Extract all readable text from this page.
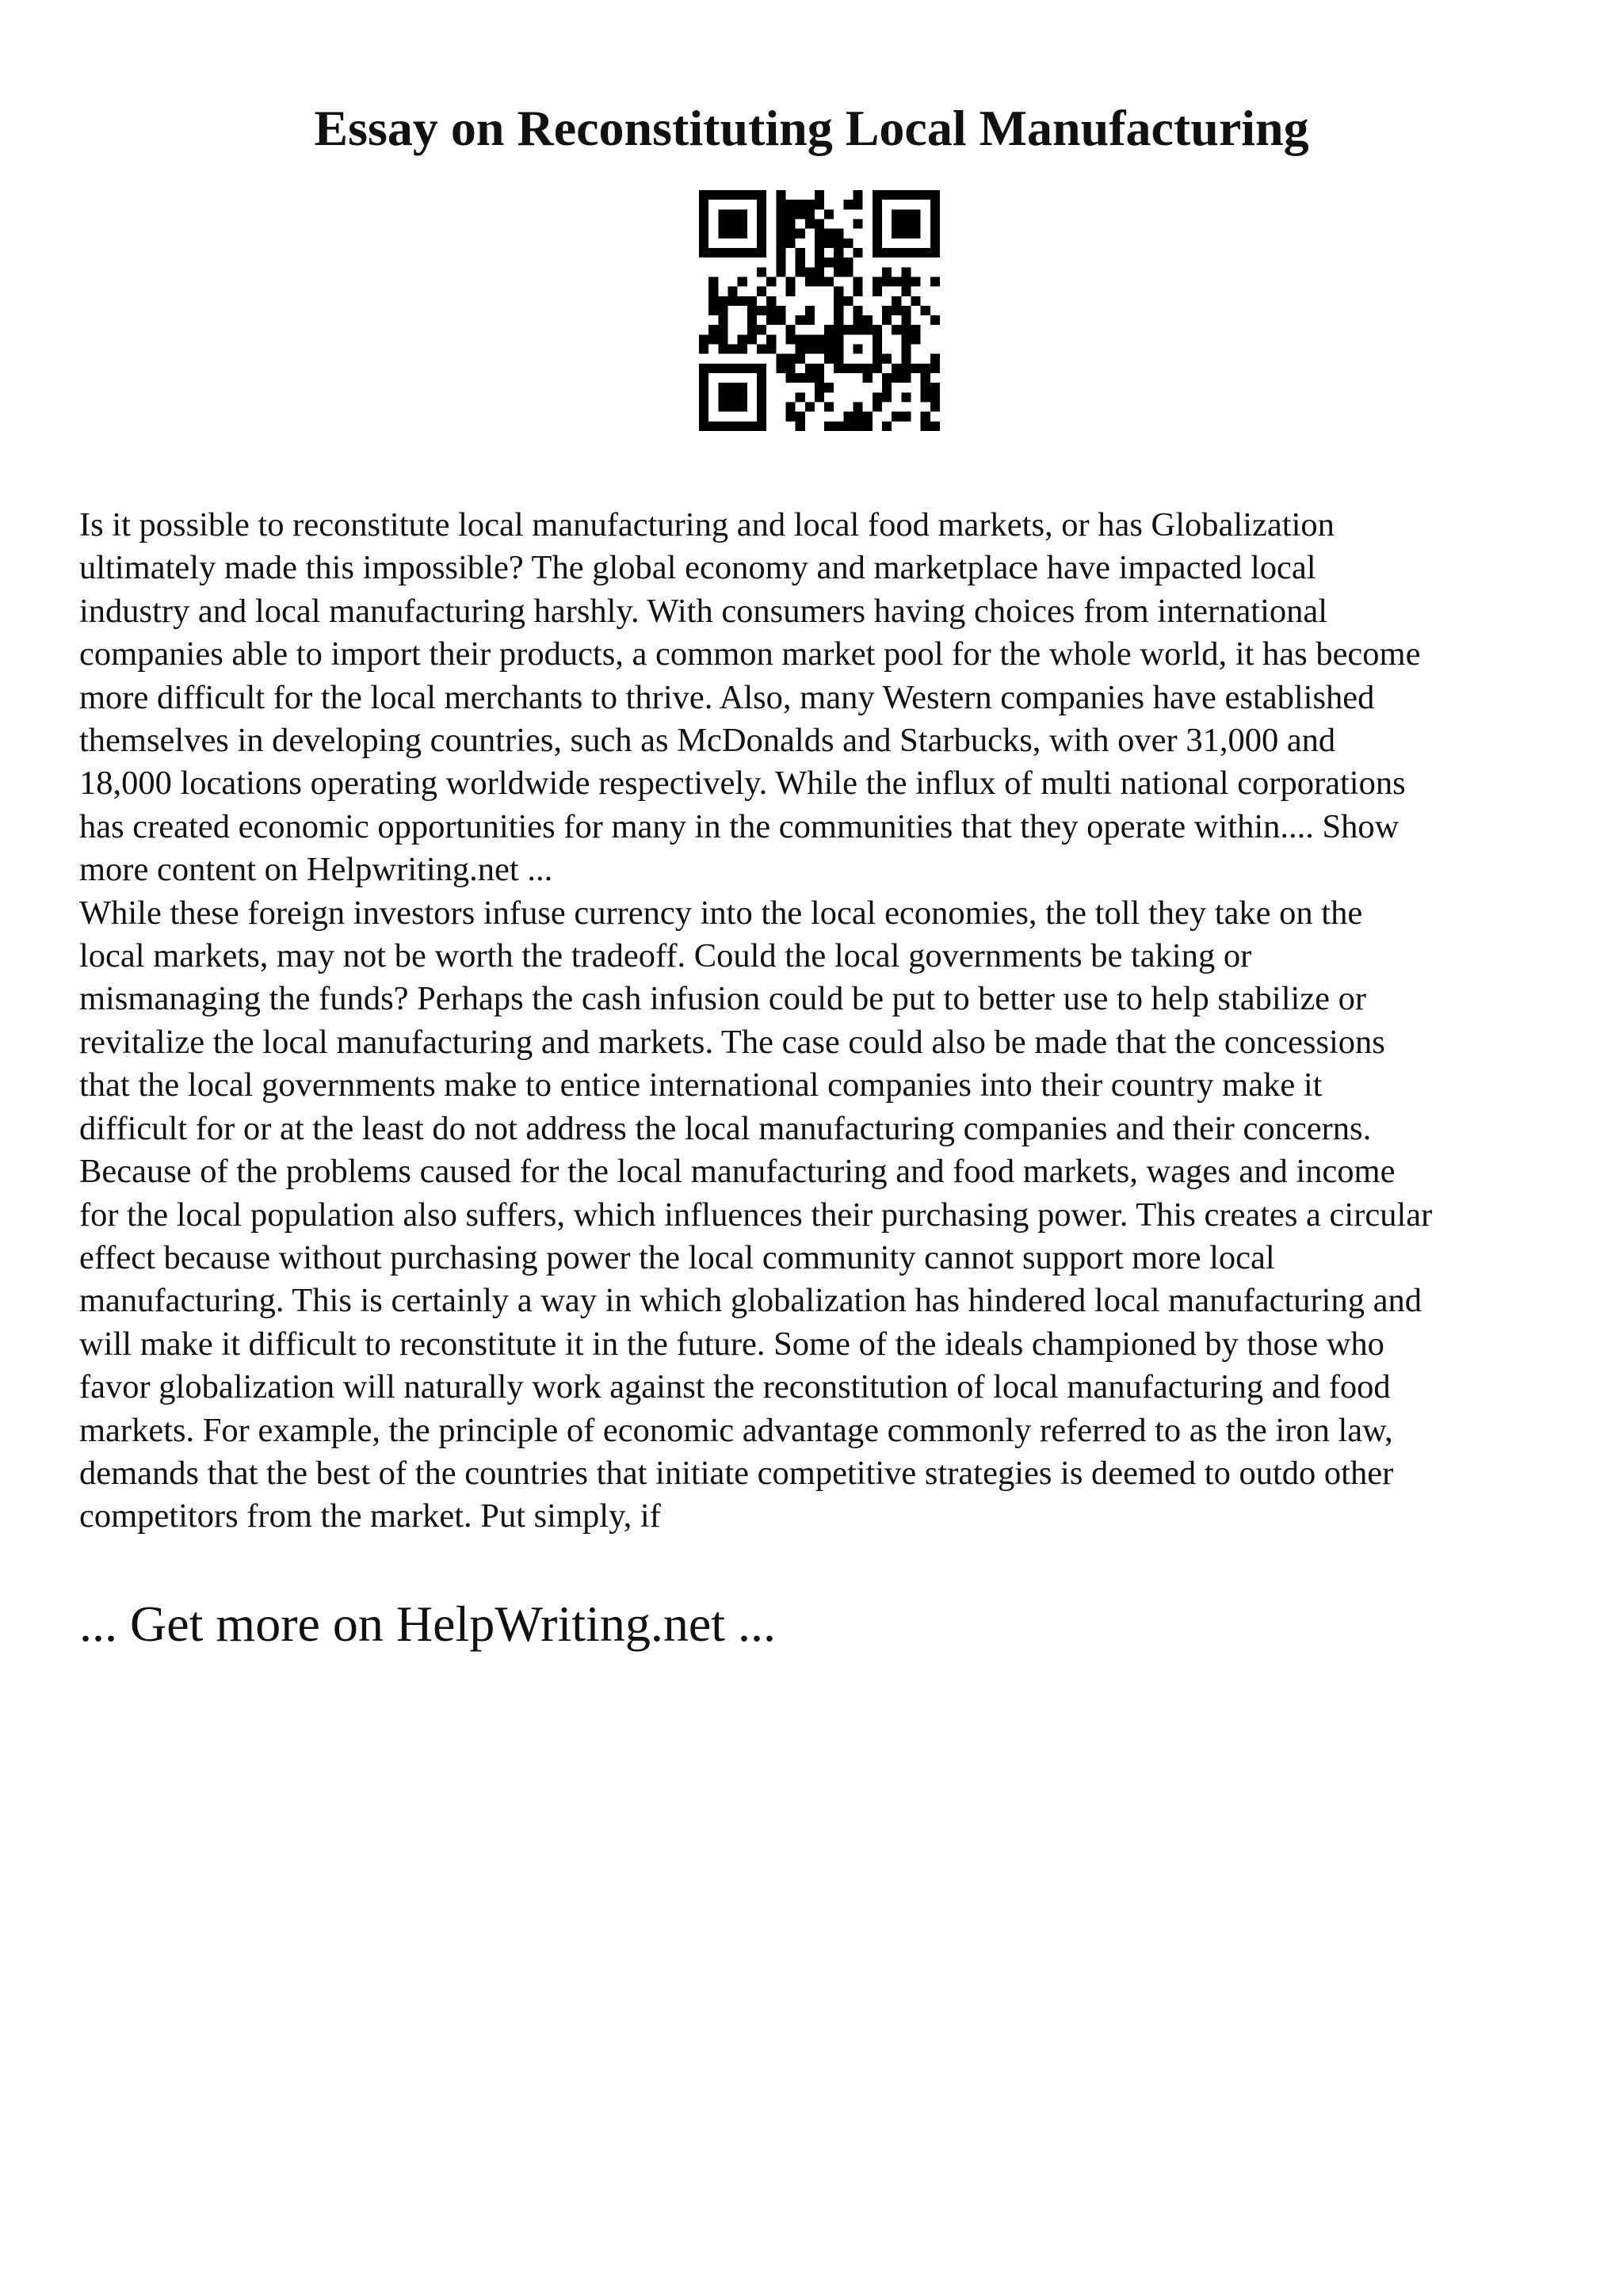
Essay on Reconstituting Local Manufacturing

Is it possible to reconstitute local manufacturing and local food markets, or has Globalization
ultimately made this impossible? The global economy and marketplace have impacted local
industry and local manufacturing harshly. With consumers having choices from international
companies able to import their products, a common market pool for the whole world, it has become
more difficult for the local merchants to thrive. Also, many Western companies have established
themselves in developing countries, such as McDonalds and Starbucks, with over 31,000 and
18,000 locations operating worldwide respectively. While the influx of multi national corporations
has created economic opportunities for many in the communities that they operate within.... Show
more content on Helpwriting.net ...

While these foreign investors infuse currency into the local economies, the toll they take on the
local markets, may not be worth the tradeoff. Could the local governments be taking or
mismanaging the funds? Perhaps the cash infusion could be put to better use to help stabilize or
revitalize the local manufacturing and markets. The case could also be made that the concessions
that the local governments make to entice international companies into their country make it
difficult for or at the least do not address the local manufacturing companies and their concerns.
Because of the problems caused for the local manufacturing and food markets, wages and income
for the local population also suffers, which influences their purchasing power. This creates a circular
effect because without purchasing power the local community cannot support more local
manufacturing. This is certainly a way in which globalization has hindered local manufacturing and
will make it difficult to reconstitute it in the future. Some of the ideals championed by those who
favor globalization will naturally work against the reconstitution of local manufacturing and food
markets. For example, the principle of economic advantage commonly referred to as the iron law,
demands that the best of the countries that initiate competitive strategies is deemed to outdo other
competitors from the market. Put simply, if

... Get more on HelpWriting.net ...
